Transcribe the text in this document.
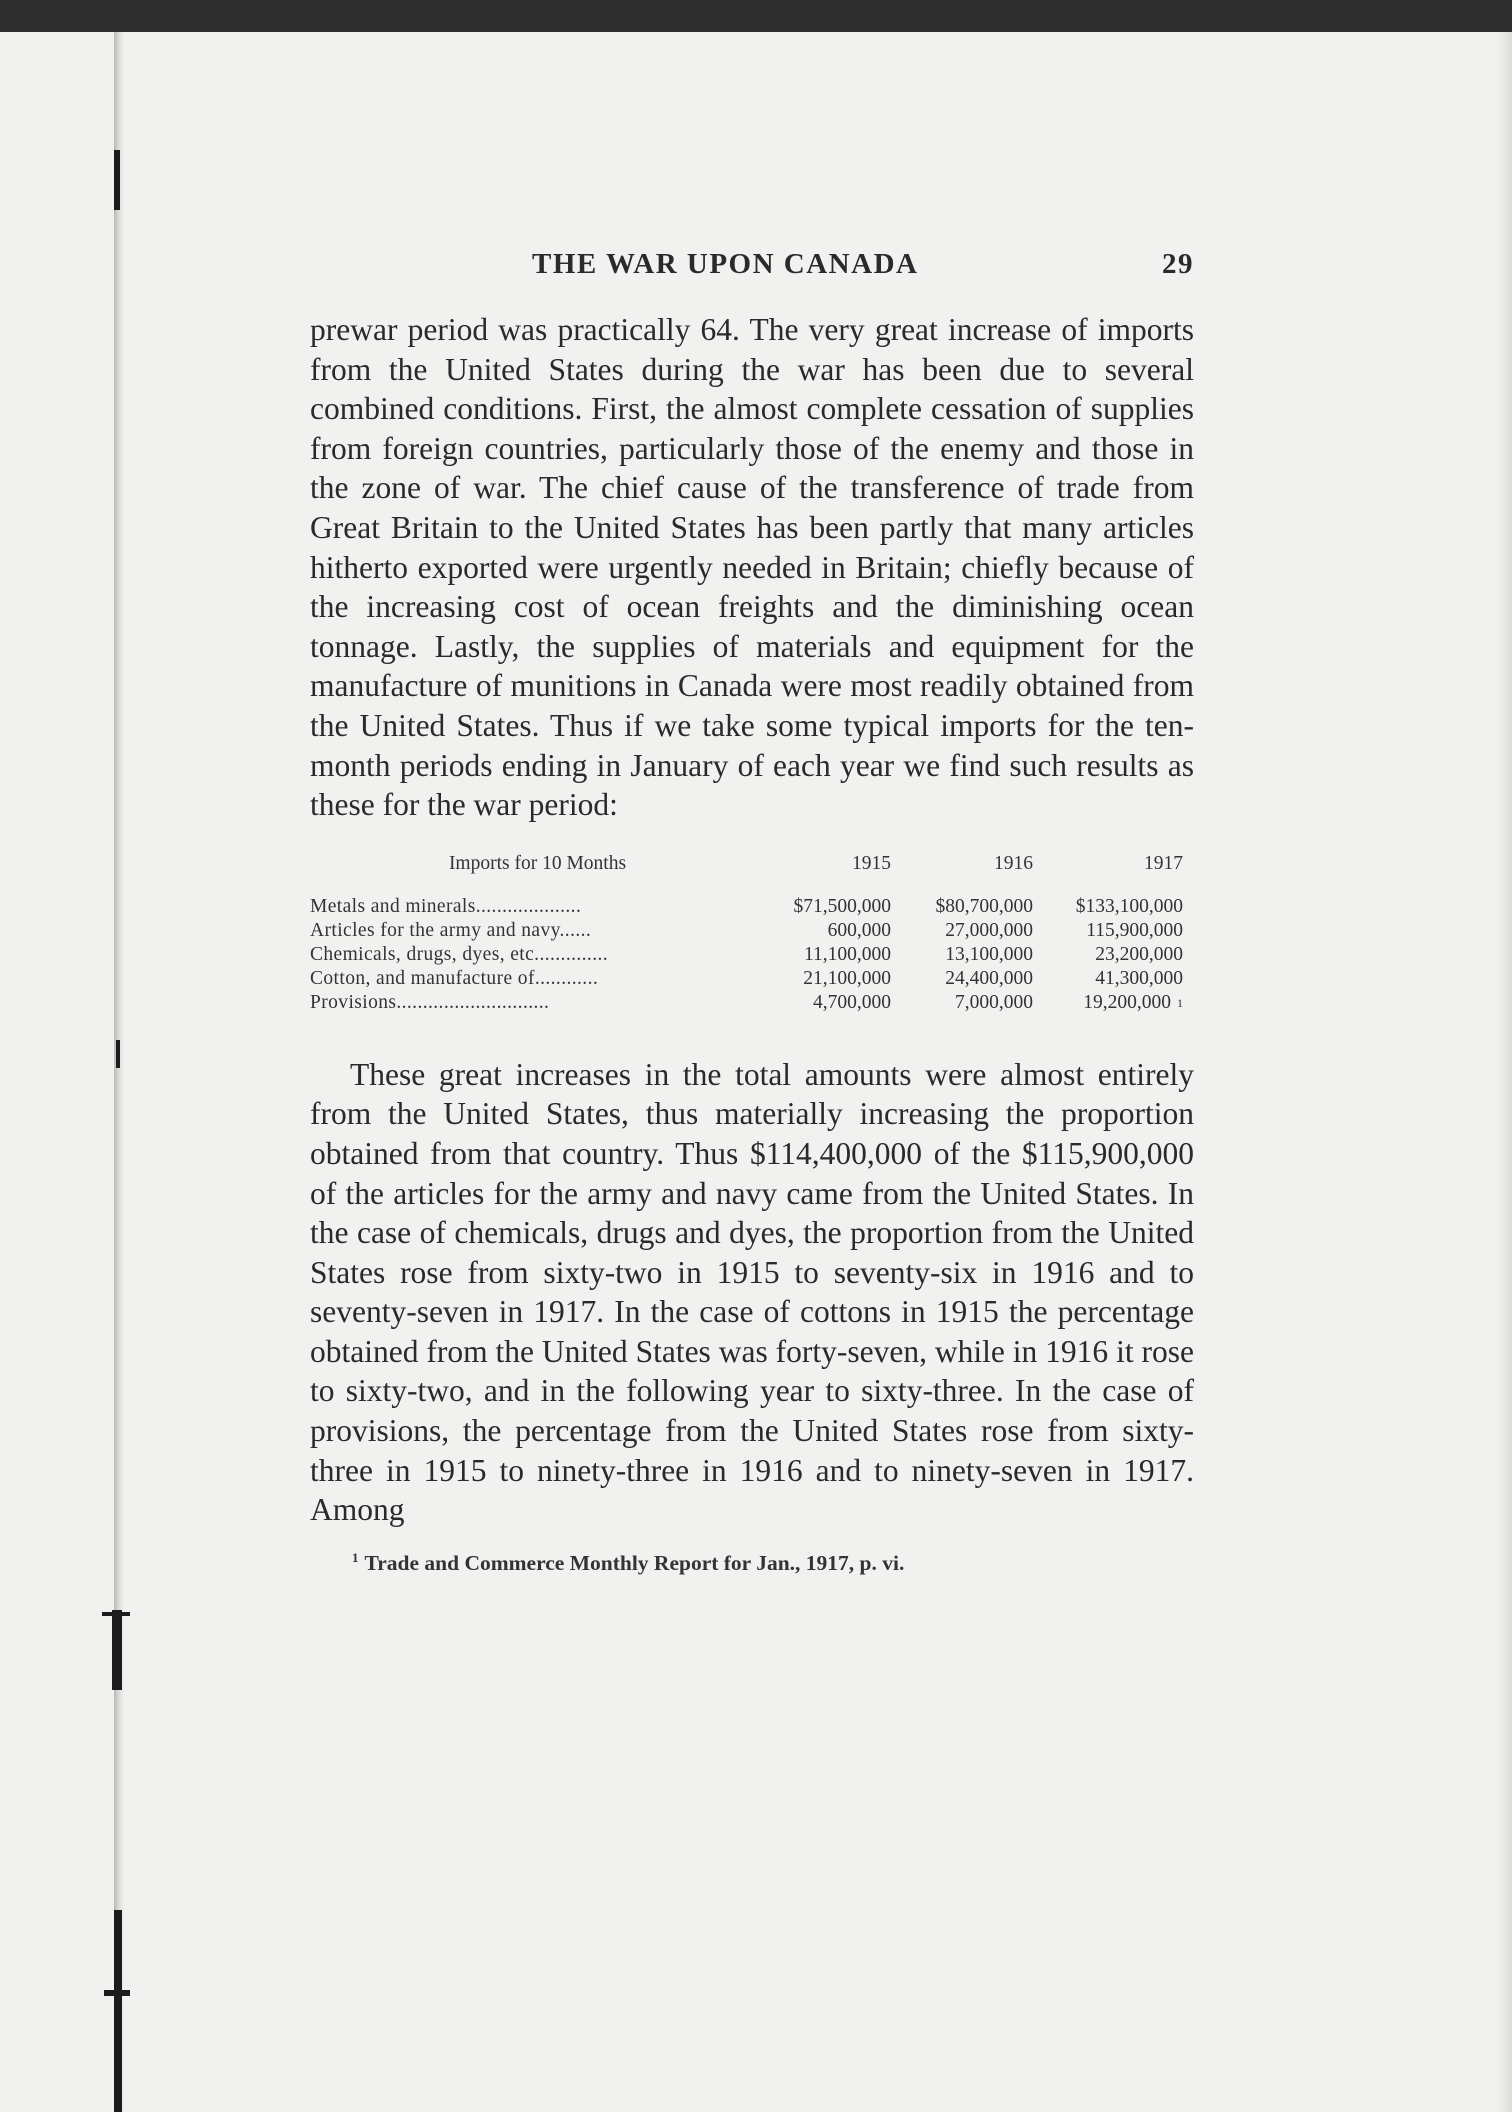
THE WAR UPON CANADA	29

prewar period was practically 64. The very great increase of imports from the United States during the war has been due to several combined conditions. First, the almost complete cessation of supplies from foreign countries, particularly those of the enemy and those in the zone of war. The chief cause of the transference of trade from Great Britain to the United States has been partly that many articles hitherto exported were urgently needed in Britain; chiefly because of the increasing cost of ocean freights and the diminishing ocean tonnage. Lastly, the supplies of materials and equipment for the manufacture of munitions in Canada were most readily obtained from the United States. Thus if we take some typical imports for the ten-month periods ending in January of each year we find such results as these for the war period:

Imports for 10 Months	1915	1916	1917
Metals and minerals....................	$71,500,000	$80,700,000	$133,100,000
Articles for the army and navy......	600,000	27,000,000	115,900,000
Chemicals, drugs, dyes, etc..............	11,100,000	13,100,000	23,200,000
Cotton, and manufacture of............	21,100,000	24,400,000	41,300,000
Provisions.............................	4,700,000	7,000,000	19,200,000 $^1$

These great increases in the total amounts were almost entirely from the United States, thus materially increasing the proportion obtained from that country. Thus $114,400,000 of the $115,900,000 of the articles for the army and navy came from the United States. In the case of chemicals, drugs and dyes, the proportion from the United States rose from sixty-two in 1915 to seventy-six in 1916 and to seventy-seven in 1917. In the case of cottons in 1915 the percentage obtained from the United States was forty-seven, while in 1916 it rose to sixty-two, and in the following year to sixty-three. In the case of provisions, the percentage from the United States rose from sixty-three in 1915 to ninety-three in 1916 and to ninety-seven in 1917. Among

$^1$ Trade and Commerce Monthly Report for Jan., 1917, p. vi.
